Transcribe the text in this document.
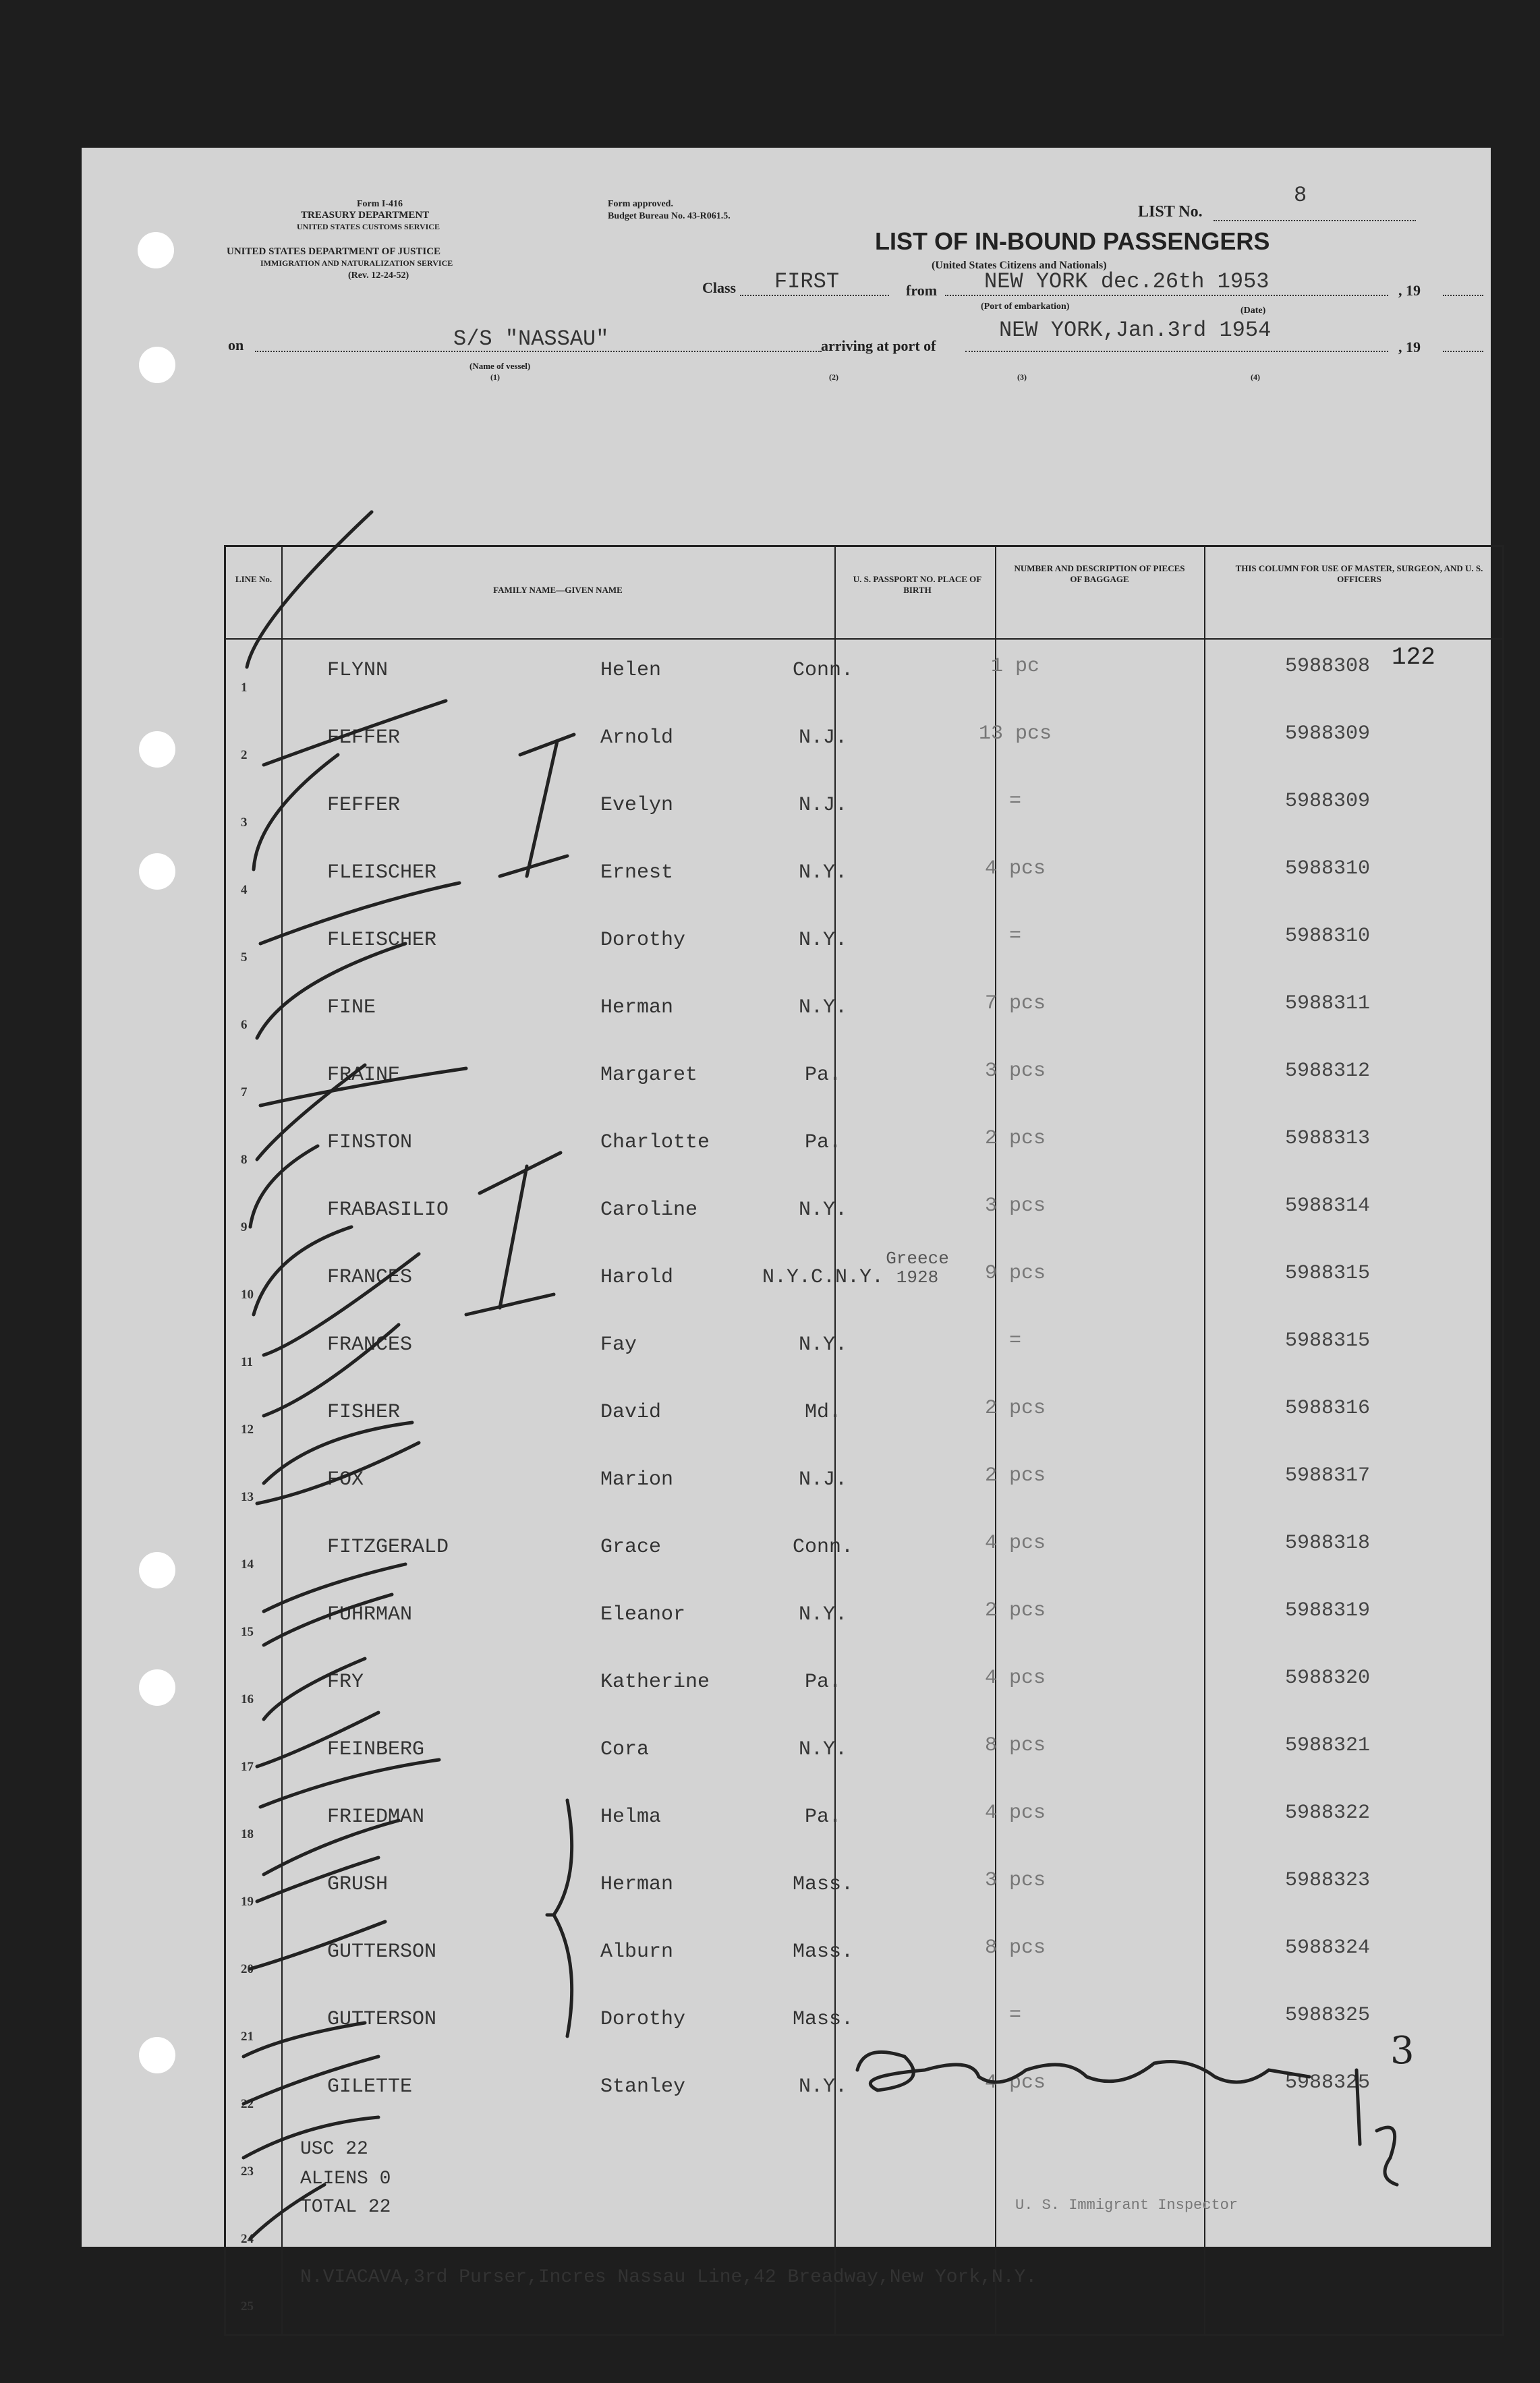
Form I-416
TREASURY DEPARTMENT
UNITED STATES CUSTOMS SERVICE
UNITED STATES DEPARTMENT OF JUSTICE
IMMIGRATION AND NATURALIZATION SERVICE
(Rev. 12-24-52)
Form approved.
Budget Bureau No. 43-R061.5.	LIST No.
8
LIST OF IN-BOUND PASSENGERS
(United States Citizens and Nationals)
Class FIRST	from NEW YORK dec.26th 1953	, 19
(Port of embarkation)	(Date)
on	S/S "NASSAU"	arriving at port of
NEW YORK,Jan.3rd 1954
, 19
(Name of vessel)
(1)	(2)	(3)	(4)
LINE No.
FAMILY NAME—GIVEN NAME
U. S. PASSPORT NO. PLACE OF BIRTH
NUMBER AND DESCRIPTION OF PIECES OF BAGGAGE
THIS COLUMN FOR USE OF MASTER, SURGEON, AND U. S. OFFICERS
1
FLYNN	Helen	Conn.	1 pc	5988308
2
FEFFER	Arnold	N.J.	13 pcs	5988309
3
FEFFER	Evelyn	N.J.	=	5988309
4
FLEISCHER	Ernest	N.Y.	4 pcs	5988310
5
FLEISCHER	Dorothy	N.Y.	=	5988310
6
FINE	Herman	N.Y.	7 pcs	5988311
7
FRAINE	Margaret	Pa.	3 pcs	5988312
8
FINSTON	Charlotte	Pa.	2 pcs	5988313
9
FRABASILIO	Caroline	N.Y.	3 pcs	5988314
10
FRANCES	Harold	N.Y.C.N.Y.	9 pcs	5988315
11
FRANCES	Fay	N.Y.	=	5988315
12
FISHER	David	Md.	2 pcs	5988316
13
FOX	Marion	N.J.	2 pcs	5988317
14
FITZGERALD	Grace	Conn.	4 pcs	5988318
15
FUHRMAN	Eleanor	N.Y.	2 pcs	5988319
16
FRY	Katherine	Pa.	4 pcs	5988320
17
FEINBERG	Cora	N.Y.	8 pcs	5988321
18
FRIEDMAN	Helma	Pa.	4 pcs	5988322
19
GRUSH	Herman	Mass.	3 pcs	5988323
20
GUTTERSON	Alburn	Mass.	8 pcs	5988324
21
GUTTERSON	Dorothy	Mass.	=	5988325
22
GILETTE	Stanley	N.Y.	4 pcs	5988325
23
24
25
USC 22
ALIENS 0
TOTAL 22	U. S. Immigrant Inspector
N.VIACAVA,3rd Purser,Incres Nassau Line,42 Breadway,New York,N.Y.
122
Greece
1928
3
